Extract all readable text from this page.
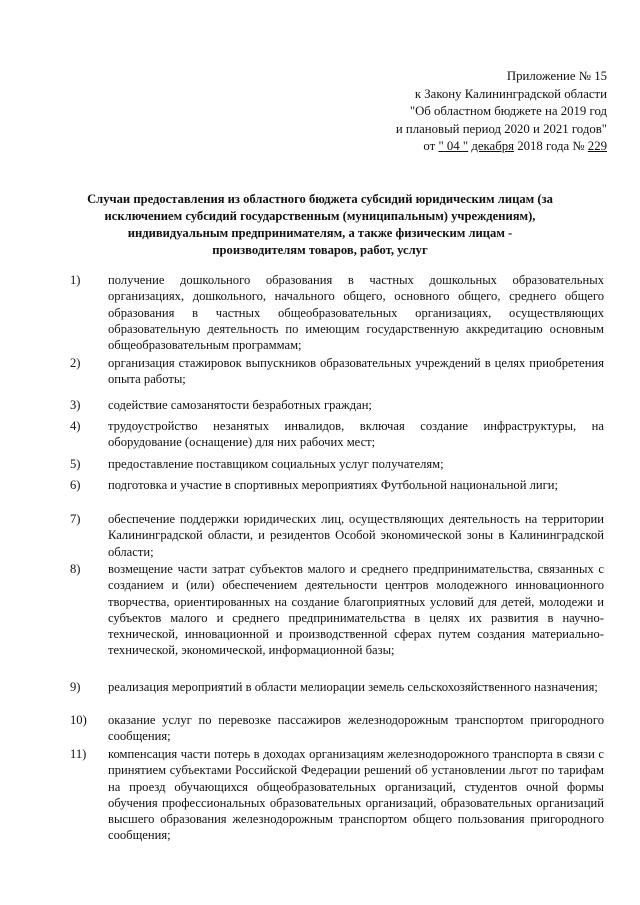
Приложение № 15
к Закону Калининградской области
"Об областном бюджете на 2019 год
и плановый период 2020 и 2021 годов"
от " 04 " декабря 2018 года № 229
Случаи предоставления из областного бюджета субсидий юридическим лицам (за исключением субсидий государственным (муниципальным) учреждениям), индивидуальным предпринимателям, а также физическим лицам - производителям товаров, работ, услуг
1) получение дошкольного образования в частных дошкольных образовательных организациях, дошкольного, начального общего, основного общего, среднего общего образования в частных общеобразовательных организациях, осуществляющих образовательную деятельность по имеющим государственную аккредитацию основным общеобразовательным программам;
2) организация стажировок выпускников образовательных учреждений в целях приобретения опыта работы;
3) содействие самозанятости безработных граждан;
4) трудоустройство незанятых инвалидов, включая создание инфраструктуры, на оборудование (оснащение) для них рабочих мест;
5) предоставление поставщиком социальных услуг получателям;
6) подготовка и участие в спортивных мероприятиях Футбольной национальной лиги;
7) обеспечение поддержки юридических лиц, осуществляющих деятельность на территории Калининградской области, и резидентов Особой экономической зоны в Калининградской области;
8) возмещение части затрат субъектов малого и среднего предпринимательства, связанных с созданием и (или) обеспечением деятельности центров молодежного инновационного творчества, ориентированных на создание благоприятных условий для детей, молодежи и субъектов малого и среднего предпринимательства в целях их развития в научно-технической, инновационной и производственной сферах путем создания материально-технической, экономической, информационной базы;
9) реализация мероприятий в области мелиорации земель сельскохозяйственного назначения;
10) оказание услуг по перевозке пассажиров железнодорожным транспортом пригородного сообщения;
11) компенсация части потерь в доходах организациям железнодорожного транспорта в связи с принятием субъектами Российской Федерации решений об установлении льгот по тарифам на проезд обучающихся общеобразовательных организаций, студентов очной формы обучения профессиональных образовательных организаций, образовательных организаций высшего образования железнодорожным транспортом общего пользования пригородного сообщения;
